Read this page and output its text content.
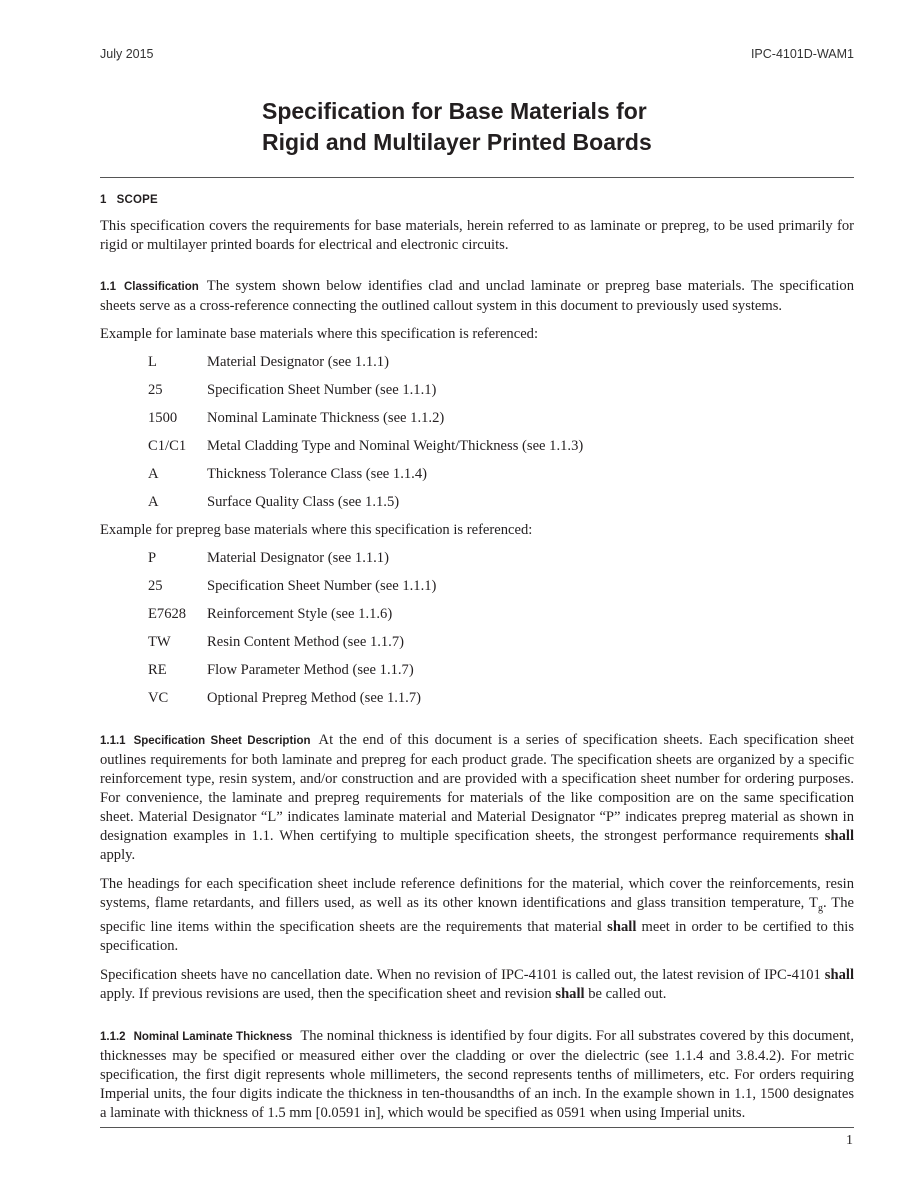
July 2015	IPC-4101D-WAM1
Specification for Base Materials for
Rigid and Multilayer Printed Boards
1 SCOPE

This specification covers the requirements for base materials, herein referred to as laminate or prepreg, to be used primarily for rigid or multilayer printed boards for electrical and electronic circuits.

1.1 Classification The system shown below identifies clad and unclad laminate or prepreg base materials. The specification sheets serve as a cross-reference connecting the outlined callout system in this document to previously used systems.

Example for laminate base materials where this specification is referenced:

L	Material Designator (see 1.1.1)
25	Specification Sheet Number (see 1.1.1)
1500	Nominal Laminate Thickness (see 1.1.2)
C1/C1	Metal Cladding Type and Nominal Weight/Thickness (see 1.1.3)
A	Thickness Tolerance Class (see 1.1.4)
A	Surface Quality Class (see 1.1.5)

Example for prepreg base materials where this specification is referenced:

P	Material Designator (see 1.1.1)
25	Specification Sheet Number (see 1.1.1)
E7628	Reinforcement Style (see 1.1.6)
TW	Resin Content Method (see 1.1.7)
RE	Flow Parameter Method (see 1.1.7)
VC	Optional Prepreg Method (see 1.1.7)

1.1.1 Specification Sheet Description At the end of this document is a series of specification sheets. Each specification sheet outlines requirements for both laminate and prepreg for each product grade. The specification sheets are organized by a specific reinforcement type, resin system, and/or construction and are provided with a specification sheet number for ordering purposes. For convenience, the laminate and prepreg requirements for materials of the like composition are on the same specification sheet. Material Designator “L” indicates laminate material and Material Designator “P” indicates prepreg material as shown in designation examples in 1.1. When certifying to multiple specification sheets, the strongest performance requirements shall apply.

The headings for each specification sheet include reference definitions for the material, which cover the reinforcements, resin systems, flame retardants, and fillers used, as well as its other known identifications and glass transition temperature, $T_g$. The specific line items within the specification sheets are the requirements that material shall meet in order to be certified to this specification.

Specification sheets have no cancellation date. When no revision of IPC-4101 is called out, the latest revision of IPC-4101 shall apply. If previous revisions are used, then the specification sheet and revision shall be called out.

1.1.2 Nominal Laminate Thickness The nominal thickness is identified by four digits. For all substrates covered by this document, thicknesses may be specified or measured either over the cladding or over the dielectric (see 1.1.4 and 3.8.4.2). For metric specification, the first digit represents whole millimeters, the second represents tenths of millimeters, etc. For orders requiring Imperial units, the four digits indicate the thickness in ten-thousandths of an inch. In the example shown in 1.1, 1500 designates a laminate with thickness of 1.5 mm [0.0591 in], which would be specified as 0591 when using Imperial units.

1
